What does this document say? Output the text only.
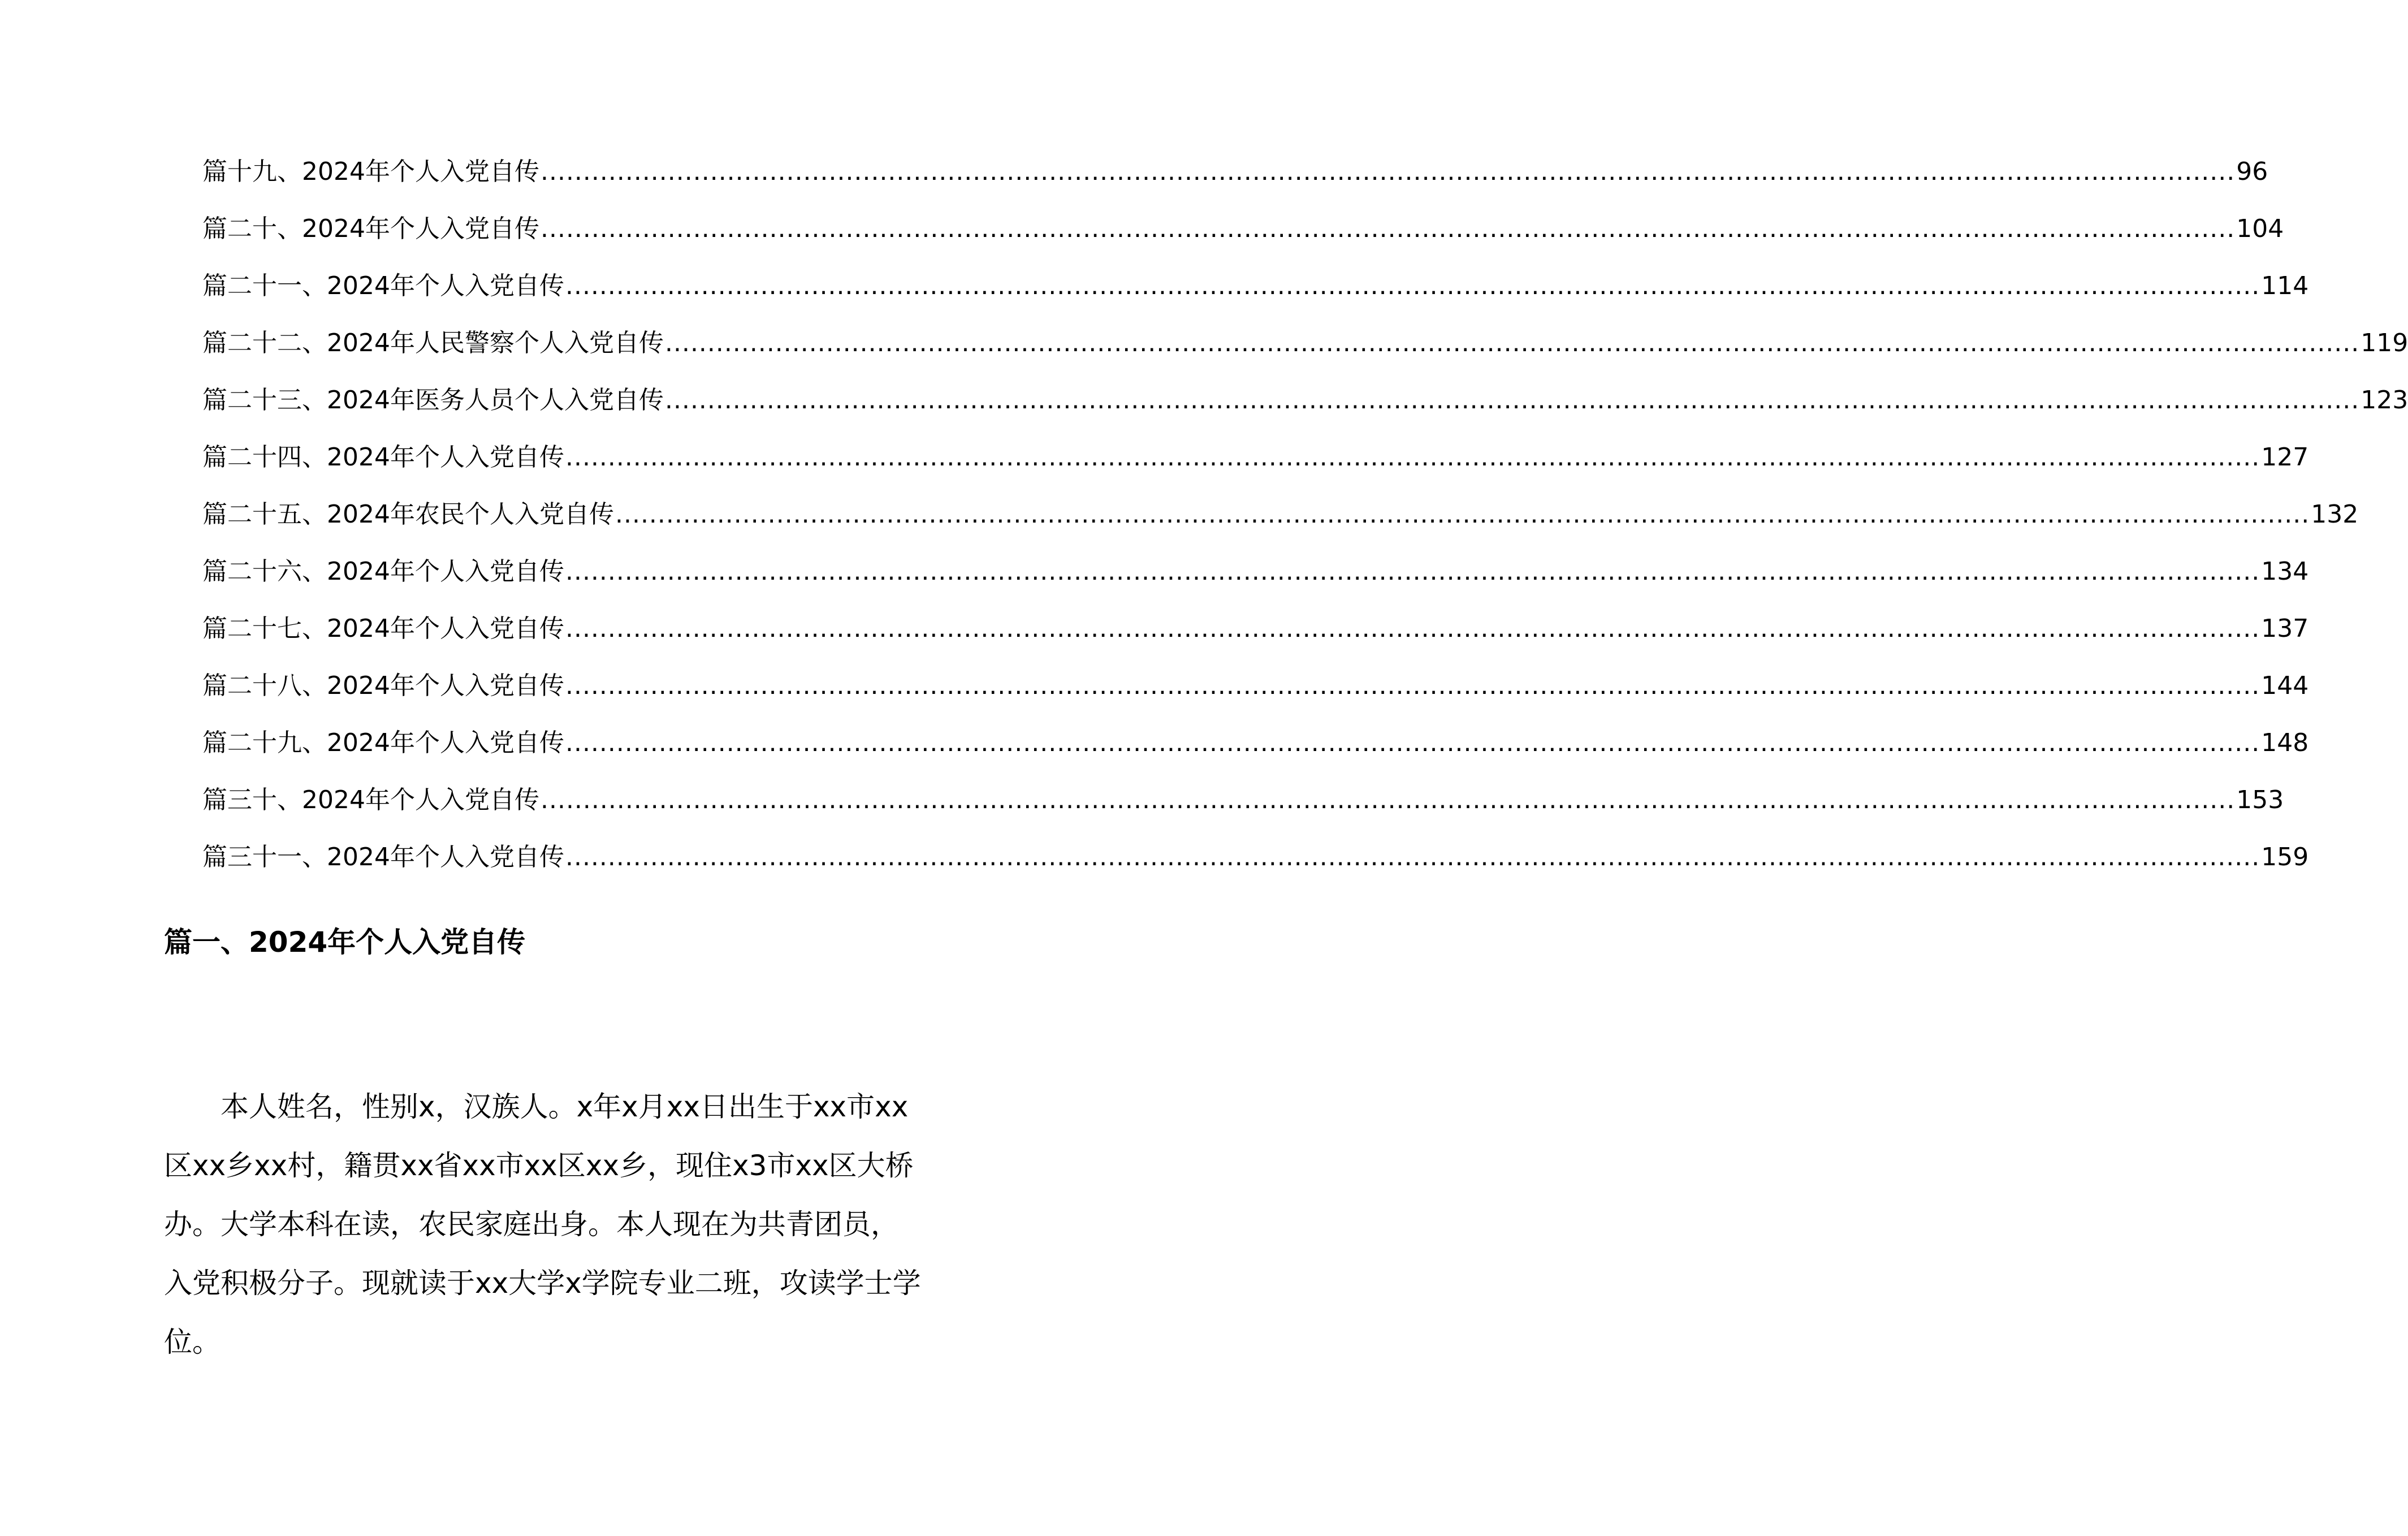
篇十九、2024年个人入党自传 ........................................................................................................................................................................................................ 96
篇二十、2024年个人入党自传 ........................................................................................................................................................................................................ 104
篇二十一、2024年个人入党自传 ........................................................................................................................................................................................................ 114
篇二十二、2024年人民警察个人入党自传 ........................................................................................................................................................................................................ 119
篇二十三、2024年医务人员个人入党自传 ........................................................................................................................................................................................................ 123
篇二十四、2024年个人入党自传 ........................................................................................................................................................................................................ 127
篇二十五、2024年农民个人入党自传 ........................................................................................................................................................................................................ 132
篇二十六、2024年个人入党自传 ........................................................................................................................................................................................................ 134
篇二十七、2024年个人入党自传 ........................................................................................................................................................................................................ 137
篇二十八、2024年个人入党自传 ........................................................................................................................................................................................................ 144
篇二十九、2024年个人入党自传 ........................................................................................................................................................................................................ 148
篇三十、2024年个人入党自传 ........................................................................................................................................................................................................ 153
篇三十一、2024年个人入党自传 ........................................................................................................................................................................................................ 159
篇一、2024年个人入党自传

本人姓名，性别x，汉族人。x年x月xx日出生于xx市xx区xx乡xx村，籍贯xx省xx市xx区xx乡，现住x3市xx区大桥办。大学本科在读，农民家庭出身。本人现在为共青团员，入党积极分子。现就读于xx大学x学院专业二班，攻读学士学位。
